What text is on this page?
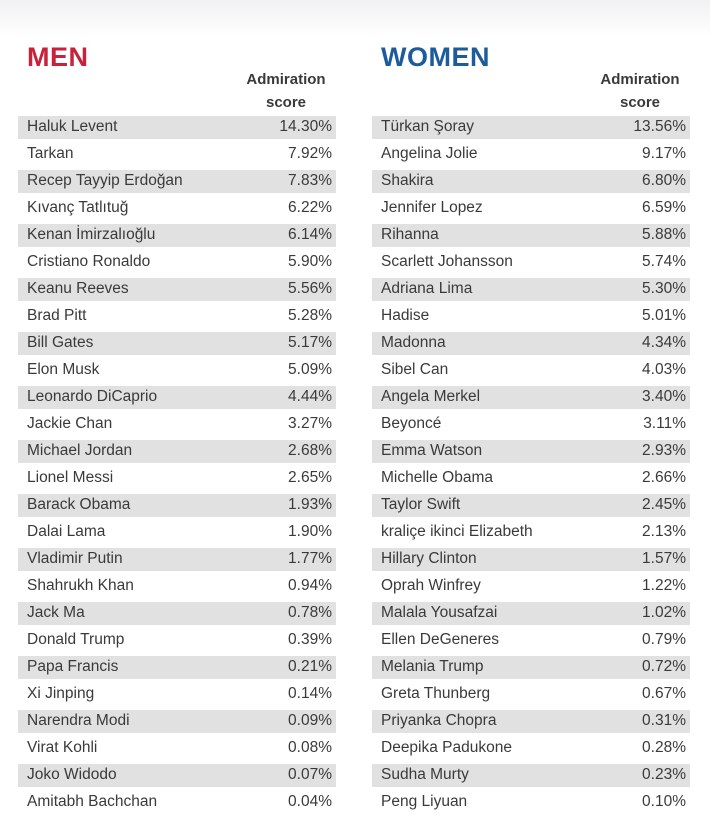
MEN
Admiration
score
Haluk Levent	14.30%
Tarkan	7.92%
Recep Tayyip Erdoğan	7.83%
Kıvanç Tatlıtuğ	6.22%
Kenan İmirzalıoğlu	6.14%
Cristiano Ronaldo	5.90%
Keanu Reeves	5.56%
Brad Pitt	5.28%
Bill Gates	5.17%
Elon Musk	5.09%
Leonardo DiCaprio	4.44%
Jackie Chan	3.27%
Michael Jordan	2.68%
Lionel Messi	2.65%
Barack Obama	1.93%
Dalai Lama	1.90%
Vladimir Putin	1.77%
Shahrukh Khan	0.94%
Jack Ma	0.78%
Donald Trump	0.39%
Papa Francis	0.21%
Xi Jinping	0.14%
Narendra Modi	0.09%
Virat Kohli	0.08%
Joko Widodo	0.07%
Amitabh Bachchan	0.04%
WOMEN
Admiration
score
Türkan Şoray	13.56%
Angelina Jolie	9.17%
Shakira	6.80%
Jennifer Lopez	6.59%
Rihanna	5.88%
Scarlett Johansson	5.74%
Adriana Lima	5.30%
Hadise	5.01%
Madonna	4.34%
Sibel Can	4.03%
Angela Merkel	3.40%
Beyoncé	3.11%
Emma Watson	2.93%
Michelle Obama	2.66%
Taylor Swift	2.45%
kraliçe ikinci Elizabeth	2.13%
Hillary Clinton	1.57%
Oprah Winfrey	1.22%
Malala Yousafzai	1.02%
Ellen DeGeneres	0.79%
Melania Trump	0.72%
Greta Thunberg	0.67%
Priyanka Chopra	0.31%
Deepika Padukone	0.28%
Sudha Murty	0.23%
Peng Liyuan	0.10%
